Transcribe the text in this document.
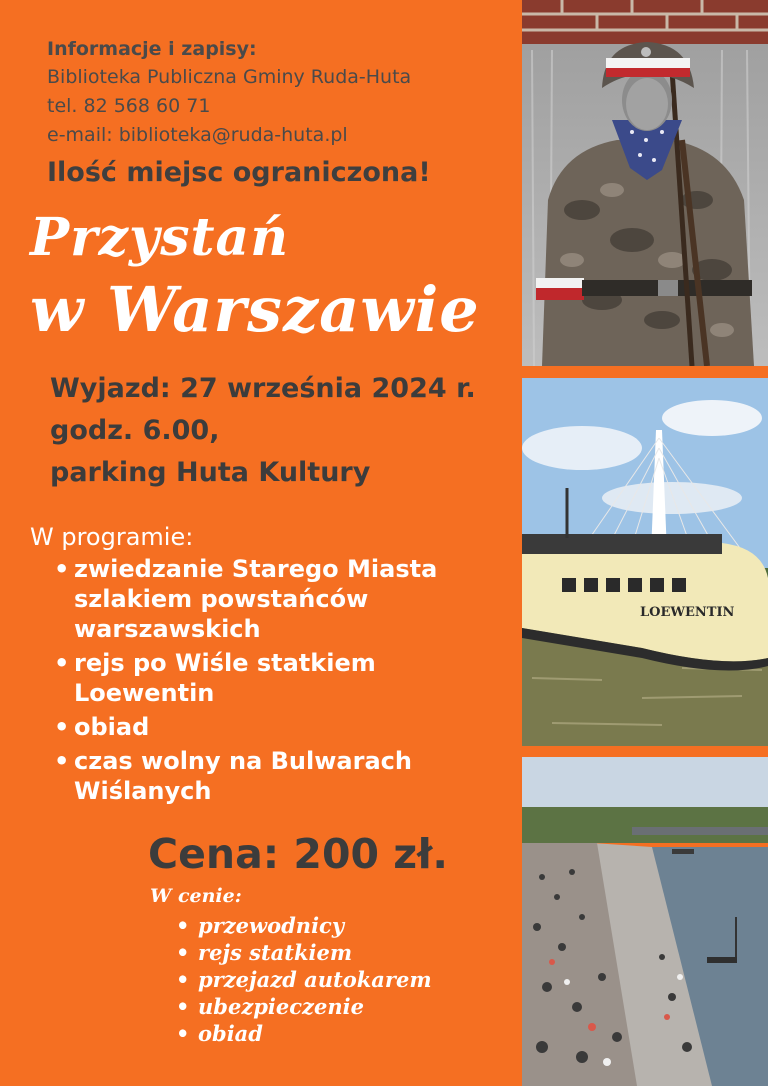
Informacje i zapisy:
Biblioteka Publiczna Gminy Ruda-Huta
tel. 82 568 60 71
e-mail: biblioteka@ruda-huta.pl
Ilość miejsc ograniczona!
Przystań
w Warszawie
Wyjazd: 27 września 2024 r.
godz. 6.00,
parking Huta Kultury
W programie:
• zwiedzanie Starego Miasta
szlakiem powstańców
warszawskich
• rejs po Wiśle statkiem
Loewentin
• obiad
• czas wolny na Bulwarach
Wiślanych
Cena: 200 zł.
W cenie:
• przewodnicy
• rejs statkiem
• przejazd autokarem
• ubezpieczenie
• obiad
LOEWENTIN
